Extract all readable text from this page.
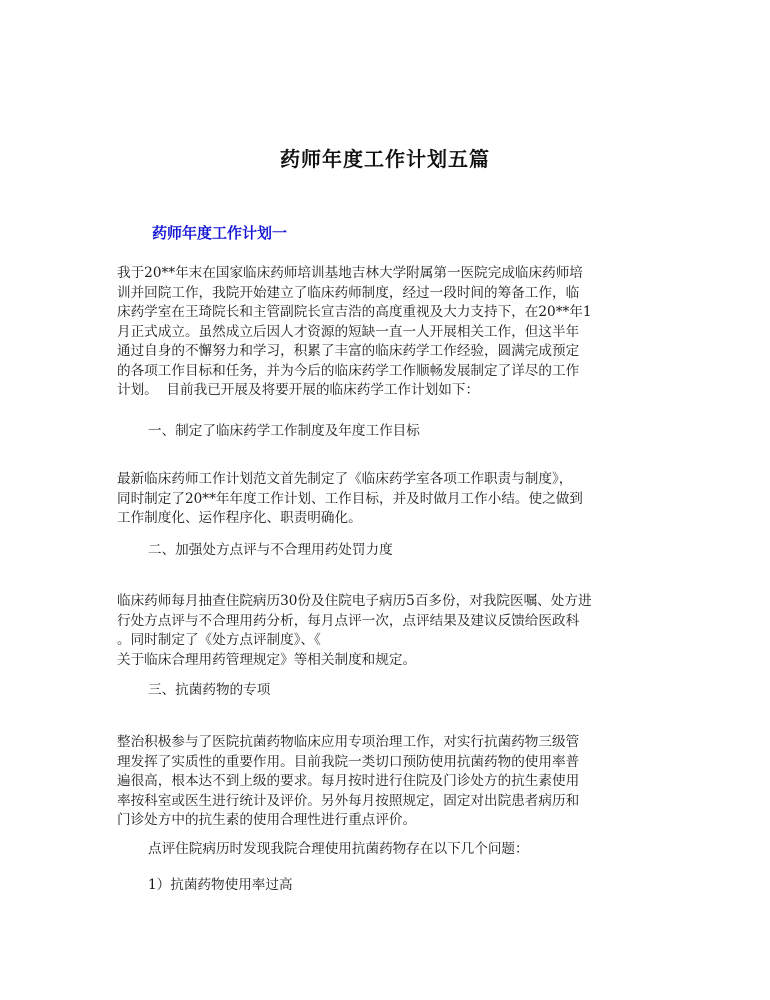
药师年度工作计划五篇
药师年度工作计划一

我于20**年末在国家临床药师培训基地吉林大学附属第一医院完成临床药师培
训并回院工作，我院开始建立了临床药师制度，经过一段时间的筹备工作，临
床药学室在王琦院长和主管副院长宣吉浩的高度重视及大力支持下，在20**年1
月正式成立。虽然成立后因人才资源的短缺一直一人开展相关工作，但这半年
通过自身的不懈努力和学习，积累了丰富的临床药学工作经验，圆满完成预定
的各项工作目标和任务，并为今后的临床药学工作顺畅发展制定了详尽的工作
计划。  目前我已开展及将要开展的临床药学工作计划如下：

一、制定了临床药学工作制度及年度工作目标

最新临床药师工作计划范文首先制定了《临床药学室各项工作职责与制度》，
同时制定了20**年年度工作计划、工作目标，并及时做月工作小结。使之做到
工作制度化、运作程序化、职责明确化。

二、加强处方点评与不合理用药处罚力度

临床药师每月抽查住院病历30份及住院电子病历5百多份，对我院医嘱、处方进
行处方点评与不合理用药分析，每月点评一次，点评结果及建议反馈给医政科
。同时制定了《处方点评制度》、《
关于临床合理用药管理规定》等相关制度和规定。

三、抗菌药物的专项

整治积极参与了医院抗菌药物临床应用专项治理工作，对实行抗菌药物三级管
理发挥了实质性的重要作用。目前我院一类切口预防使用抗菌药物的使用率普
遍很高，根本达不到上级的要求。每月按时进行住院及门诊处方的抗生素使用
率按科室或医生进行统计及评价。另外每月按照规定，固定对出院患者病历和
门诊处方中的抗生素的使用合理性进行重点评价。

点评住院病历时发现我院合理使用抗菌药物存在以下几个问题：

1）抗菌药物使用率过高
